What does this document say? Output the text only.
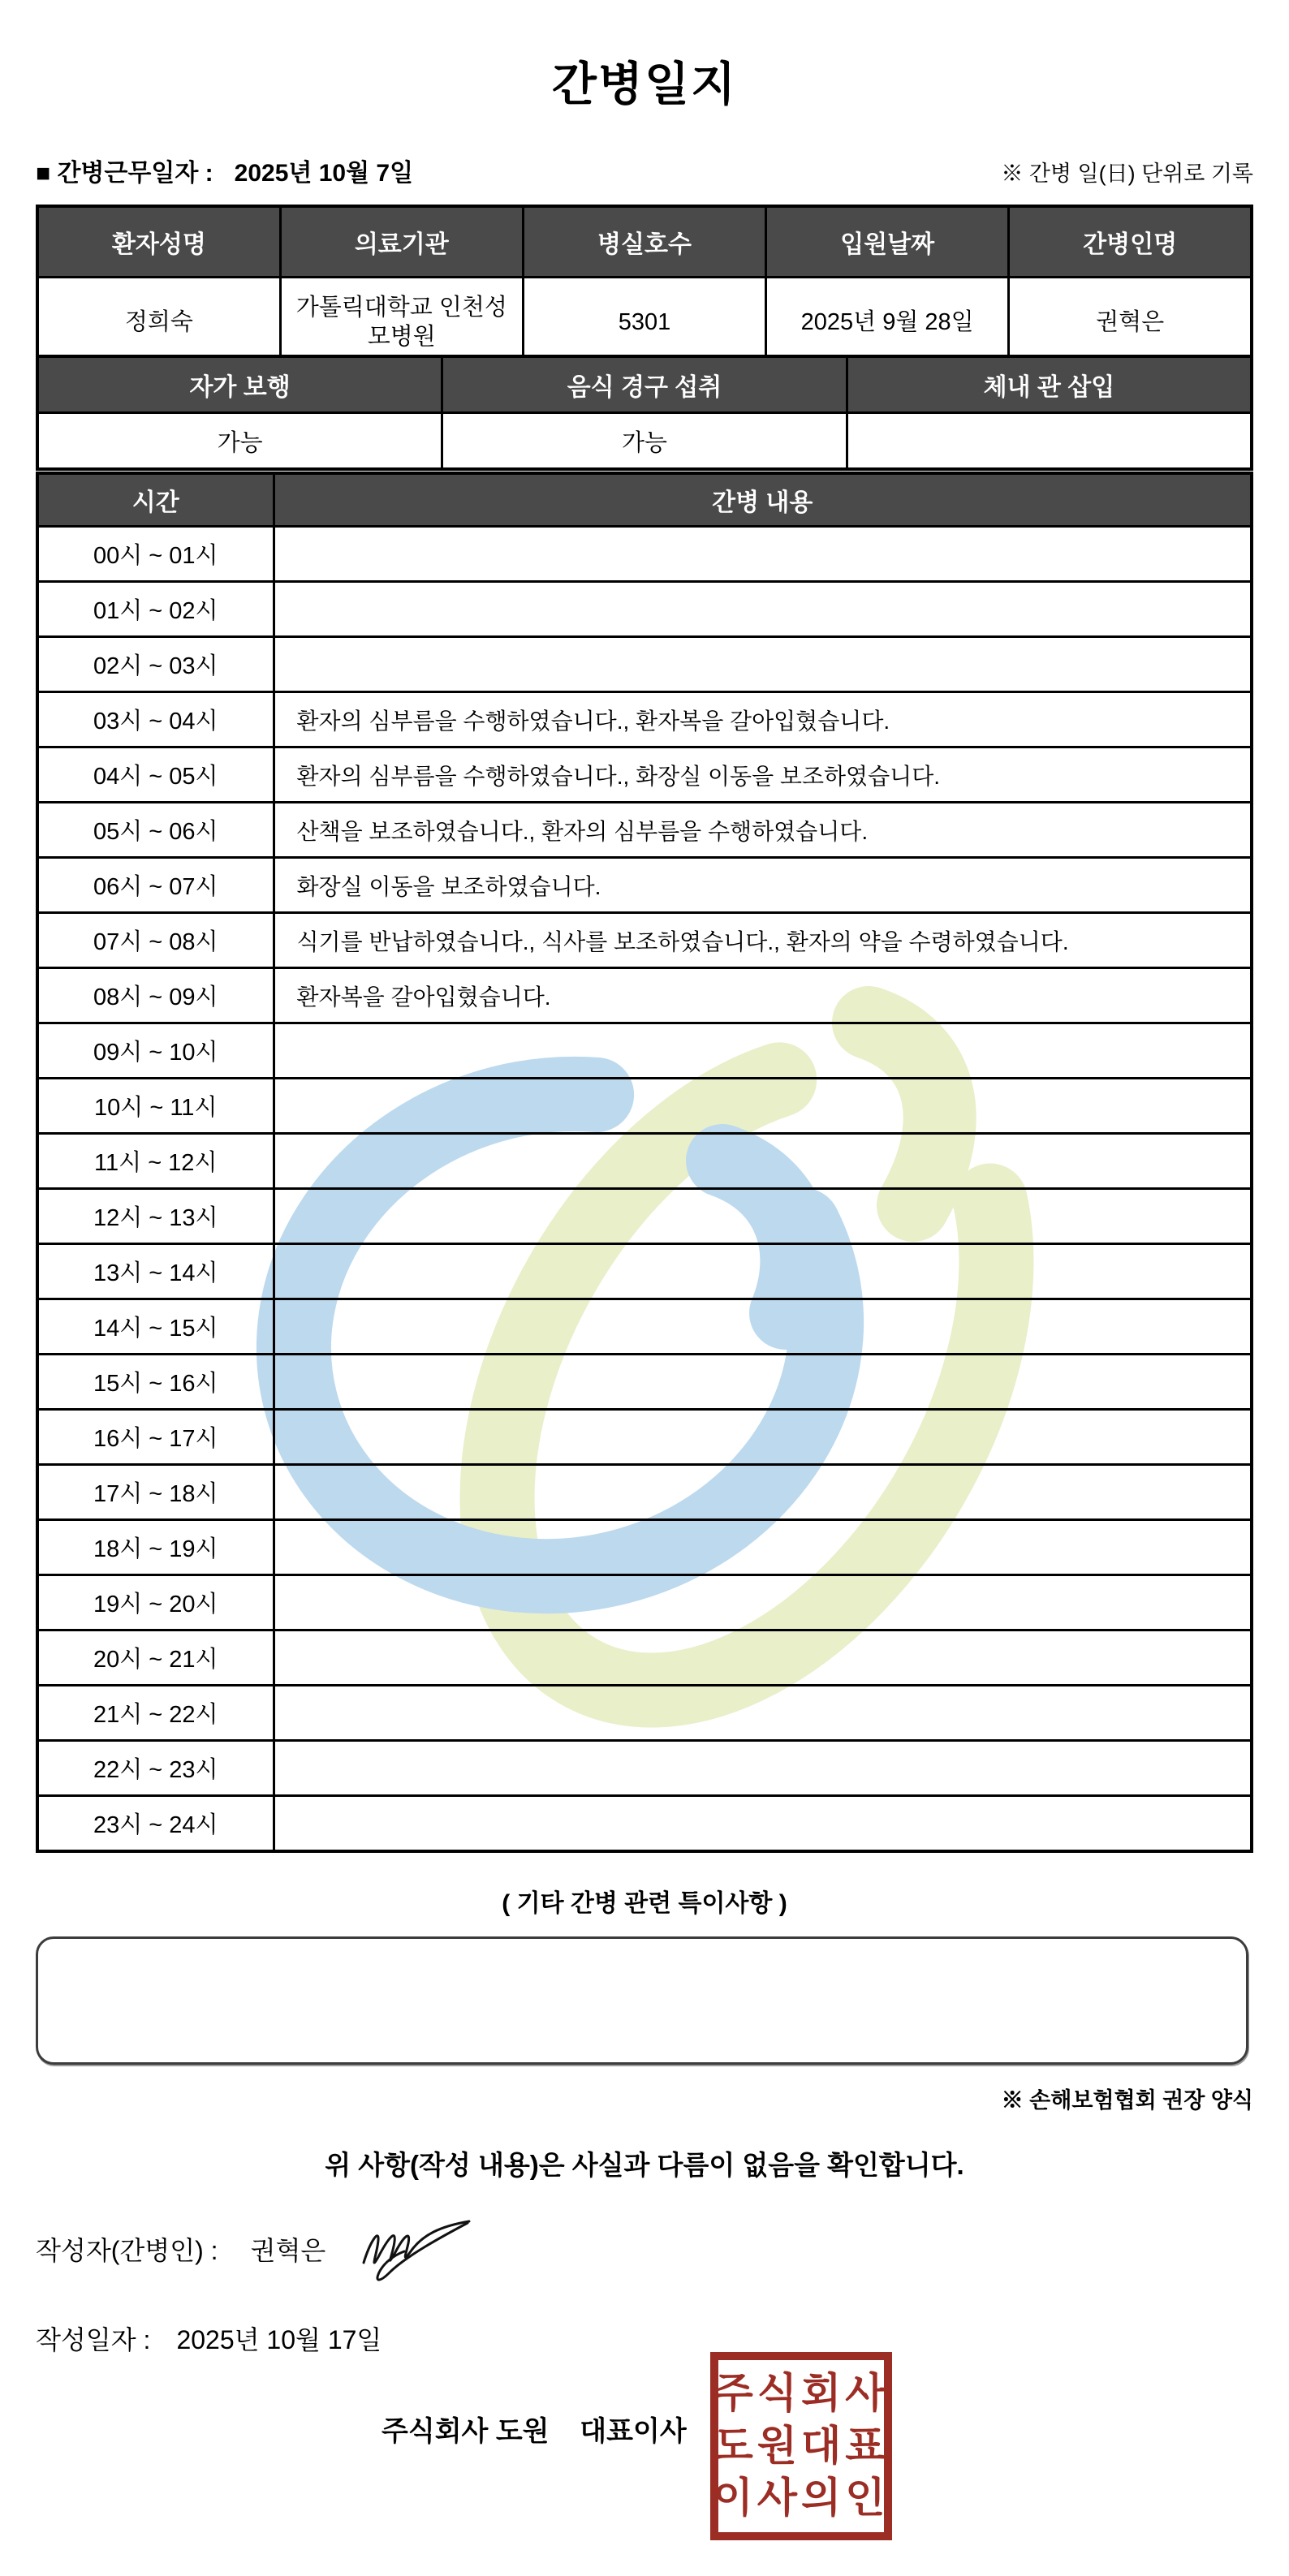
간병일지
■ 간병근무일자 : 2025년 10월 7일	※ 간병 일(日) 단위로 기록
환자성명	의료기관	병실호수	입원날짜	간병인명
정희숙	가톨릭대학교 인천성모병원	5301	2025년 9월 28일	권혁은
자가 보행	음식 경구 섭취	체내 관 삽입
가능	가능	
시간	간병 내용
00시 ~ 01시	
01시 ~ 02시	
02시 ~ 03시	
03시 ~ 04시	환자의 심부름을 수행하였습니다., 환자복을 갈아입혔습니다.
04시 ~ 05시	환자의 심부름을 수행하였습니다., 화장실 이동을 보조하였습니다.
05시 ~ 06시	산책을 보조하였습니다., 환자의 심부름을 수행하였습니다.
06시 ~ 07시	화장실 이동을 보조하였습니다.
07시 ~ 08시	식기를 반납하였습니다., 식사를 보조하였습니다., 환자의 약을 수령하였습니다.
08시 ~ 09시	환자복을 갈아입혔습니다.
09시 ~ 10시	
10시 ~ 11시	
11시 ~ 12시	
12시 ~ 13시	
13시 ~ 14시	
14시 ~ 15시	
15시 ~ 16시	
16시 ~ 17시	
17시 ~ 18시	
18시 ~ 19시	
19시 ~ 20시	
20시 ~ 21시	
21시 ~ 22시	
22시 ~ 23시	
23시 ~ 24시	
( 기타 간병 관련 특이사항 )
※ 손해보험협회 권장 양식
위 사항(작성 내용)은 사실과 다름이 없음을 확인합니다.
작성자(간병인) : 권혁은
작성일자 : 2025년 10월 17일
주식회사 도원    대표이사
주식회사
도원대표
이사의인
